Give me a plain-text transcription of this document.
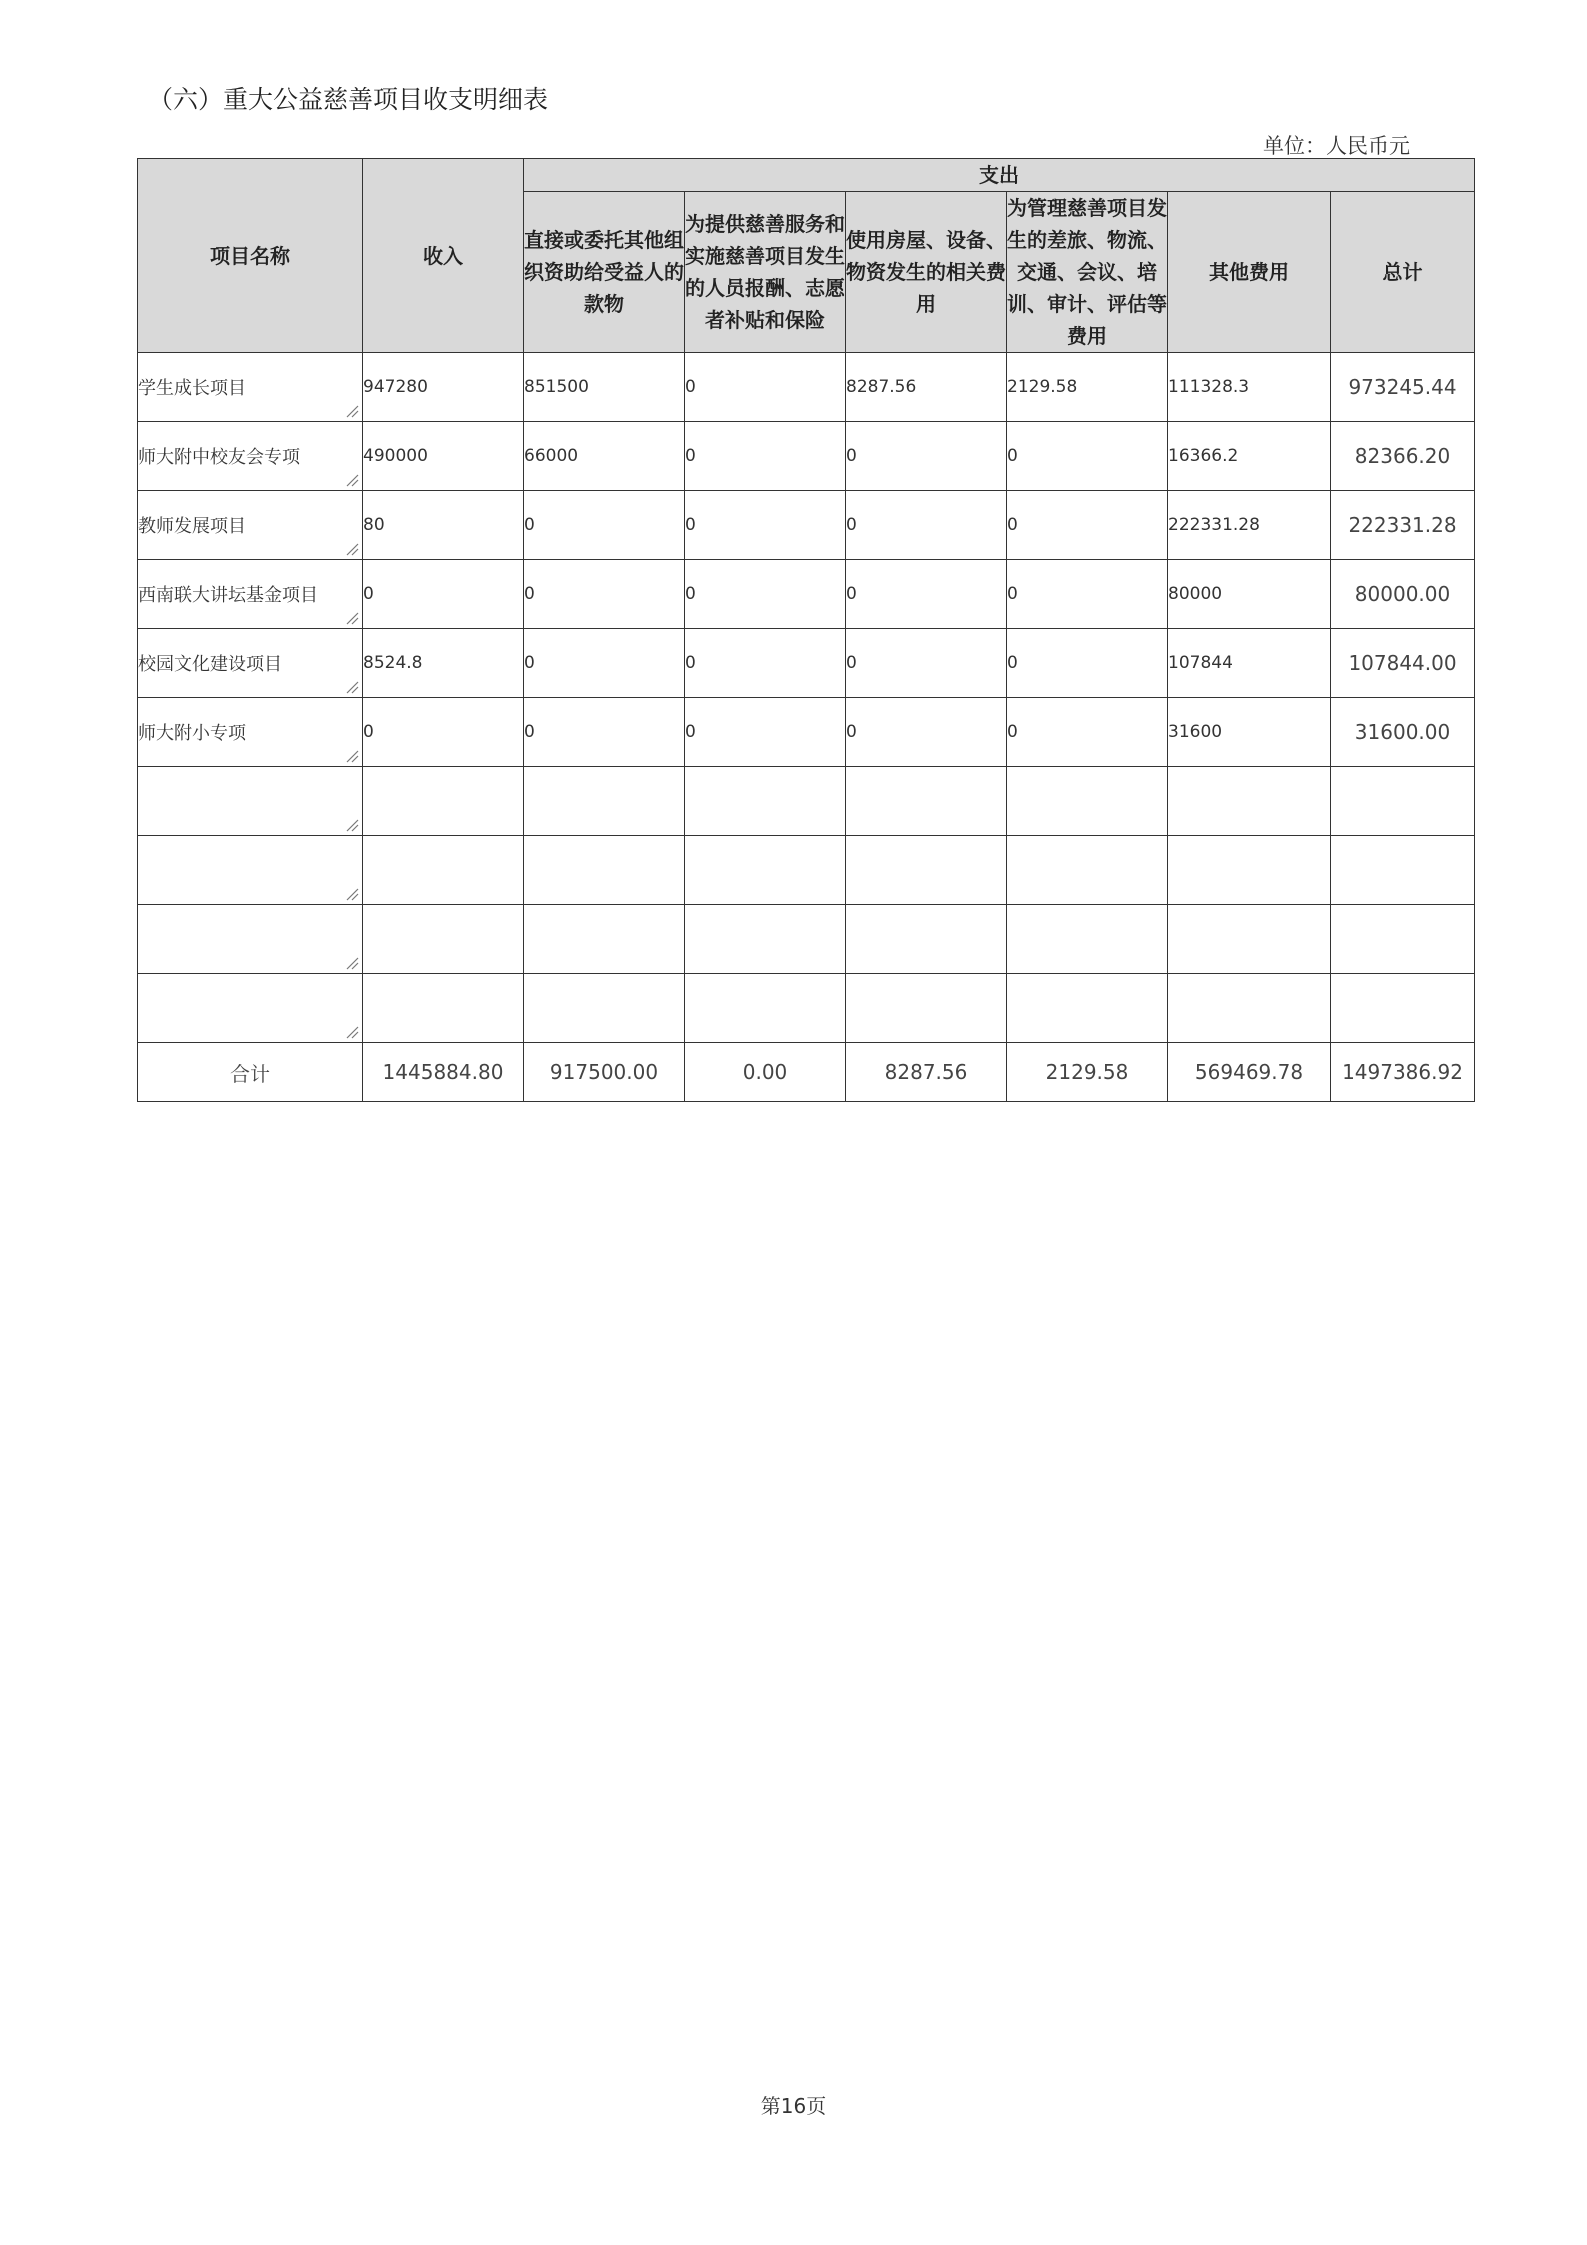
（六）重大公益慈善项目收支明细表
单位：人民币元
项目名称	收入	支出					
		直接或委托其他组织资助给受益人的款物	为提供慈善服务和实施慈善项目发生的人员报酬、志愿者补贴和保险	使用房屋、设备、物资发生的相关费用	为管理慈善项目发生的差旅、物流、交通、会议、培训、审计、评估等费用	其他费用	总计
学生成长项目	947280	851500	0	8287.56	2129.58	111328.3	973245.44
师大附中校友会专项	490000	66000	0	0	0	16366.2	82366.20
教师发展项目	80	0	0	0	0	222331.28	222331.28
西南联大讲坛基金项目	0	0	0	0	0	80000	80000.00
校园文化建设项目	8524.8	0	0	0	0	107844	107844.00
师大附小专项	0	0	0	0	0	31600	31600.00

合计	1445884.80	917500.00	0.00	8287.56	2129.58	569469.78	1497386.92
第16页
